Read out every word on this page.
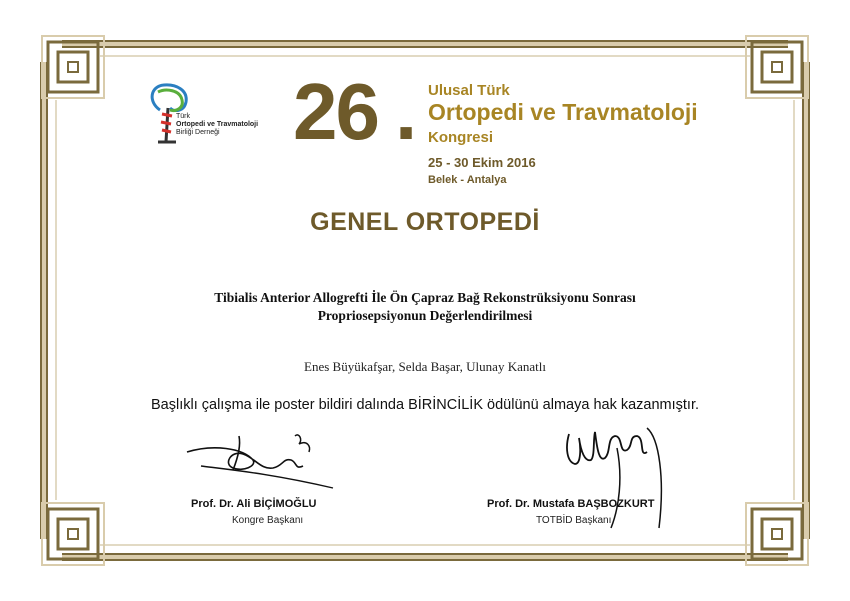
Türk
Ortopedi ve Travmatoloji
Birliği Derneği 26 . Ulusal Türk
Ortopedi ve Travmatoloji
Kongresi
25 - 30 Ekim 2016
Belek - Antalya
GENEL ORTOPEDİ
Tibialis Anterior Allogrefti İle Ön Çapraz Bağ Rekonstrüksiyonu Sonrası
Propriosepsiyonun Değerlendirilmesi
Enes Büyükafşar, Selda Başar, Ulunay Kanatlı
Başlıklı çalışma ile poster bildiri dalında BİRİNCİLİK ödülünü almaya hak kazanmıştır.
Prof. Dr. Ali BİÇİMOĞLU
Kongre Başkanı
Prof. Dr. Mustafa BAŞBOZKURT
TOTBİD Başkanı
